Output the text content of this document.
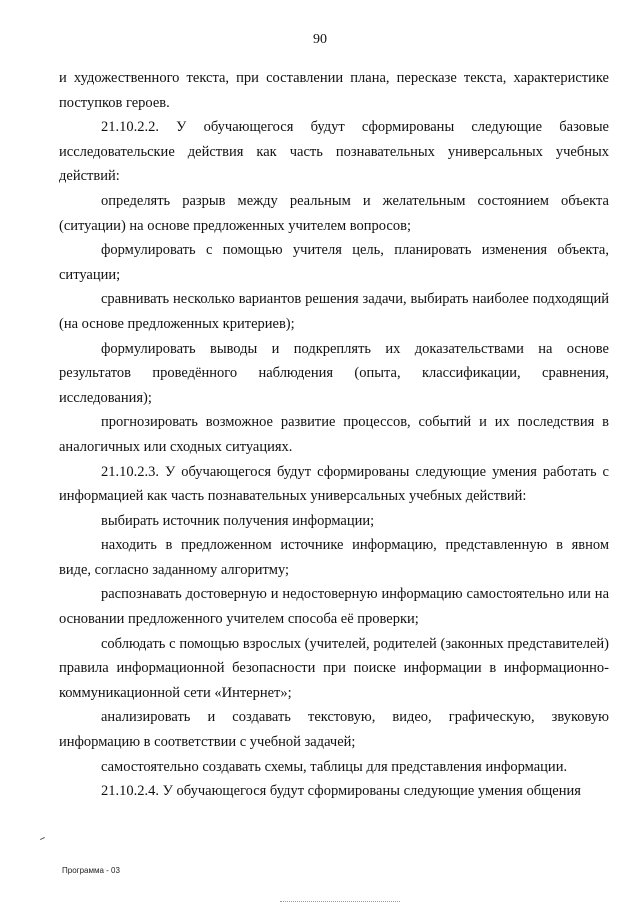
90

и художественного текста, при составлении плана, пересказе текста, характеристике поступков героев.

21.10.2.2. У обучающегося будут сформированы следующие базовые исследовательские действия как часть познавательных универсальных учебных действий:

определять разрыв между реальным и желательным состоянием объекта (ситуации) на основе предложенных учителем вопросов;

формулировать с помощью учителя цель, планировать изменения объекта, ситуации;

сравнивать несколько вариантов решения задачи, выбирать наиболее подходящий (на основе предложенных критериев);

формулировать выводы и подкреплять их доказательствами на основе результатов проведённого наблюдения (опыта, классификации, сравнения, исследования);

прогнозировать возможное развитие процессов, событий и их последствия в аналогичных или сходных ситуациях.

21.10.2.3. У обучающегося будут сформированы следующие умения работать с информацией как часть познавательных универсальных учебных действий:

выбирать источник получения информации;

находить в предложенном источнике информацию, представленную в явном виде, согласно заданному алгоритму;

распознавать достоверную и недостоверную информацию самостоятельно или на основании предложенного учителем способа её проверки;

соблюдать с помощью взрослых (учителей, родителей (законных представителей) правила информационной безопасности при поиске информации в информационно-коммуникационной сети «Интернет»;

анализировать и создавать текстовую, видео, графическую, звуковую информацию в соответствии с учебной задачей;

самостоятельно создавать схемы, таблицы для представления информации.

21.10.2.4. У обучающегося будут сформированы следующие умения общения

Программа - 03
